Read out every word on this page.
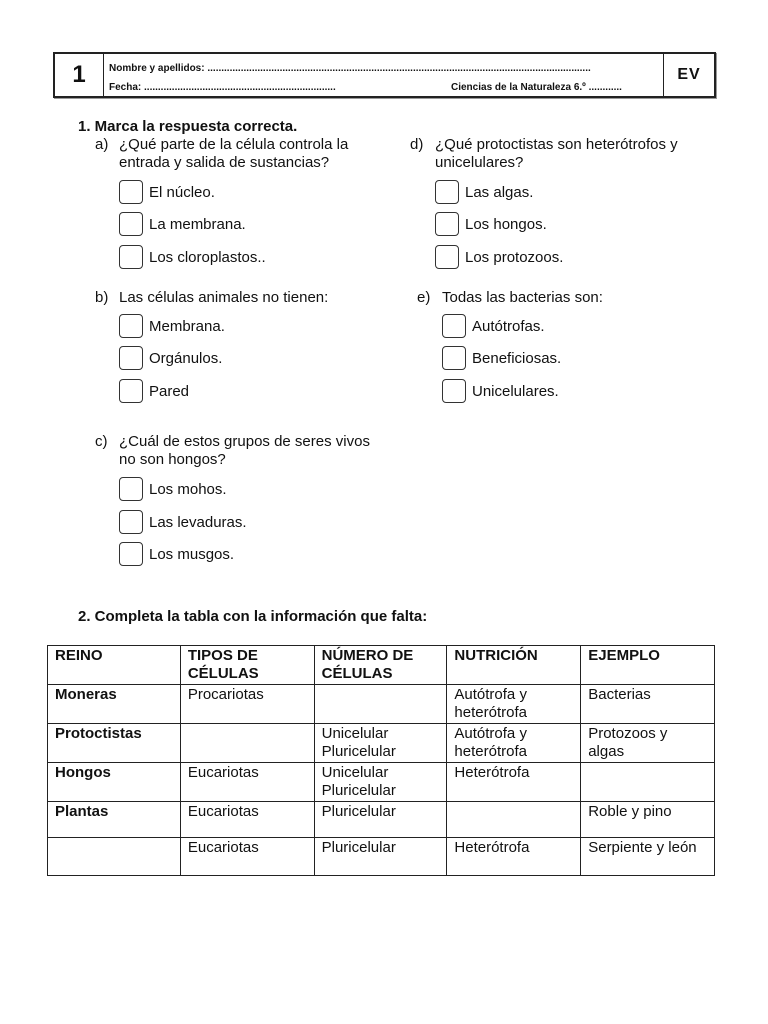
1	Nombre y apellidos: ..........................................................................................................................................
Fecha: .....................................................................	Ciencias de la Naturaleza 6.º ............
EV
1. Marca la respuesta correcta.
a) ¿Qué parte de la célula controla la entrada y salida de sustancias?
El núcleo.
La membrana.
Los cloroplastos..
b) Las células animales no tienen:
Membrana.
Orgánulos.
Pared
c) ¿Cuál de estos grupos de seres vivos no son hongos?
Los mohos.
Las levaduras.
Los musgos.
d) ¿Qué protoctistas son heterótrofos y unicelulares?
Las algas.
Los hongos.
Los protozoos.
e) Todas las bacterias son:
Autótrofas.
Beneficiosas.
Unicelulares.
2. Completa la tabla con la información que falta:
REINO	TIPOS DE CÉLULAS	NÚMERO DE CÉLULAS	NUTRICIÓN	EJEMPLO
Moneras	Procariotas		Autótrofa y heterótrofa	Bacterias
Protoctistas		Unicelular Pluricelular	Autótrofa y heterótrofa	Protozoos y algas
Hongos	Eucariotas	Unicelular Pluricelular	Heterótrofa	
Plantas	Eucariotas	Pluricelular		Roble y pino
	Eucariotas	Pluricelular	Heterótrofa	Serpiente y león
